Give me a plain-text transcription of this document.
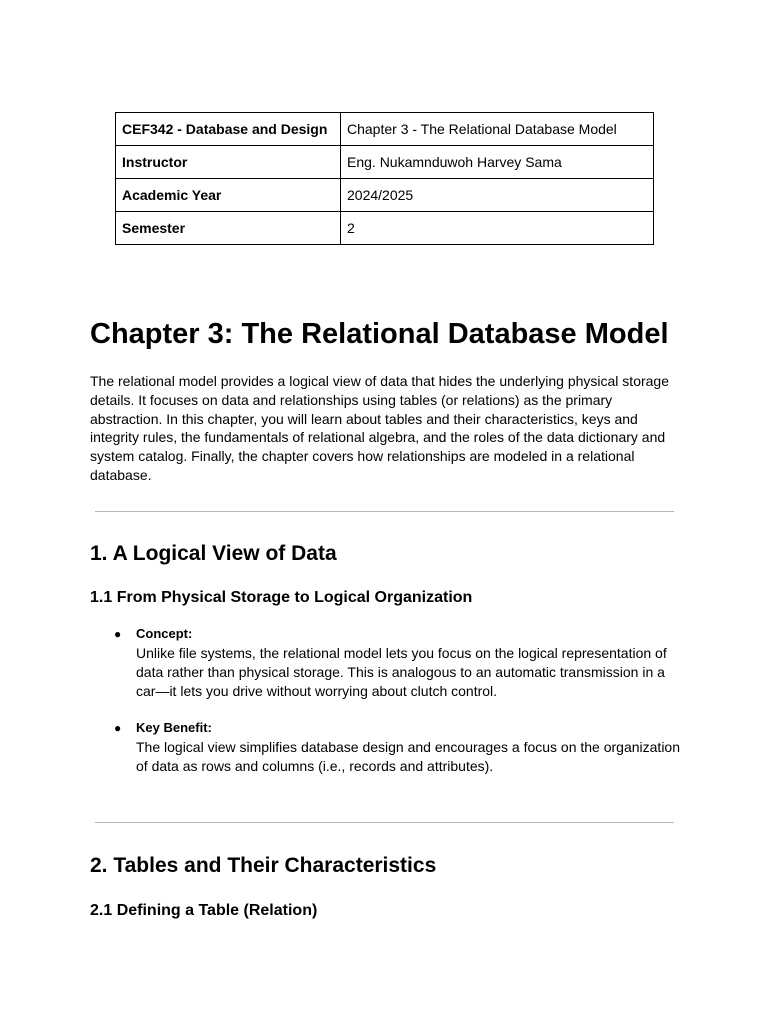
CEF342 - Database and Design	Chapter 3 - The Relational Database Model
Instructor	Eng. Nukamnduwoh Harvey Sama
Academic Year	2024/2025
Semester	2
Chapter 3: The Relational Database Model

The relational model provides a logical view of data that hides the underlying physical storage details. It focuses on data and relationships using tables (or relations) as the primary abstraction. In this chapter, you will learn about tables and their characteristics, keys and integrity rules, the fundamentals of relational algebra, and the roles of the data dictionary and system catalog. Finally, the chapter covers how relationships are modeled in a relational database.

1. A Logical View of Data
1.1 From Physical Storage to Logical Organization
● Concept:

Unlike file systems, the relational model lets you focus on the logical representation of data rather than physical storage. This is analogous to an automatic transmission in a car—it lets you drive without worrying about clutch control.

● Key Benefit:

The logical view simplifies database design and encourages a focus on the organization of data as rows and columns (i.e., records and attributes).

2. Tables and Their Characteristics
2.1 Defining a Table (Relation)
